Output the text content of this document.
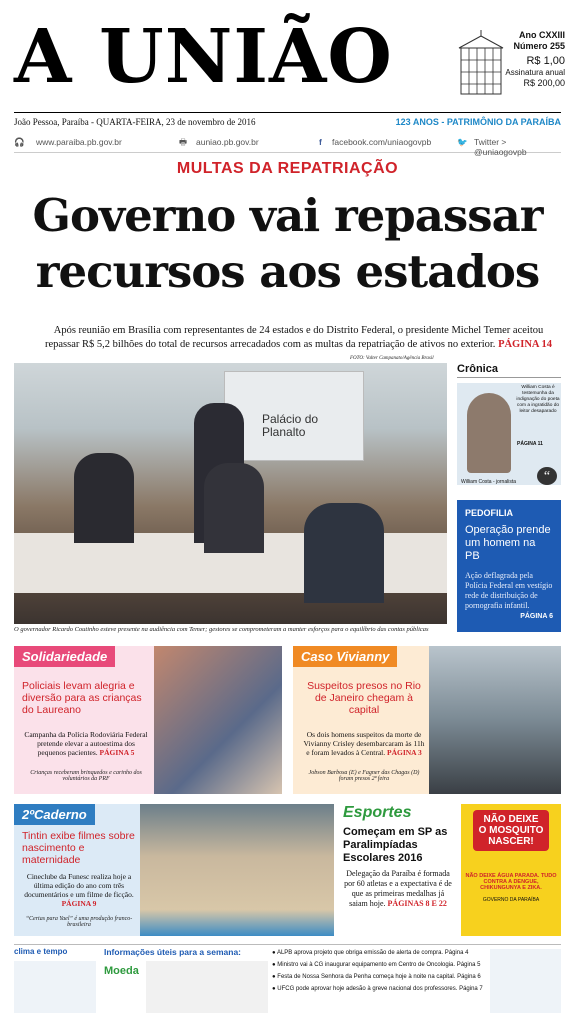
A UNIÃO	Ano CXXIII
Número 255
R$ 1,00
Assinatura anual
R$ 200,00
João Pessoa, Paraíba - QUARTA-FEIRA, 23 de novembro de 2016	123 ANOS - PATRIMÔNIO DA PARAÍBA
🎧 www.paraiba.pb.gov.br	🖶 auniao.pb.gov.br	f facebook.com/uniaogovpb	🐦 Twitter > @uniaogovpb
MULTAS DA REPATRIAÇÃO
Governo vai repassar
recursos aos estados
Após reunião em Brasília com representantes de 24 estados e do Distrito Federal, o presidente Michel Temer aceitou repassar R$ 5,2 bilhões do total de recursos arrecadados com as multas da repatriação de ativos no exterior. PÁGINA 14
FOTO: Valter Campanato/Agência Brasil
Palácio do Planalto
O governador Ricardo Coutinho esteve presente na audiência com Temer; gestores se comprometeram a manter esforços para o equilíbrio das contas públicas
Crônica
William Costa é testemunha da indignação do poeta com a ingratidão do leitor desaparado
PÁGINA 11
“
William Costa - jornalista
PEDOFILIA
Operação prende um homem na PB
Ação deflagrada pela Polícia Federal em vestígio rede de distribuição de pornografia infantil.
PÁGINA 6
Solidariedade
Policiais levam alegria e diversão para as crianças do Laureano
Campanha da Polícia Rodoviária Federal pretende elevar a autoestima dos pequenos pacientes. PÁGINA 5
Crianças receberam brinquedos e carinho dos voluntários da PRF
Caso Vivianny
Suspeitos presos no Rio de Janeiro chegam à capital
Os dois homens suspeitos da morte de Vivianny Crisley desembarcaram às 11h e foram levados à Central. PÁGINA 3
Jobson Barbosa (E) e Fagner das Chagas (D) foram presos 2ª feira
2ºCaderno
Tintin exibe filmes sobre nascimento e maternidade
Cineclube da Funesc realiza hoje a última edição do ano com três documentários e um filme de ficção. PÁGINA 9
“Certas para Yael” é uma produção franco-brasileira
Esportes
Começam em SP as Paralimpíadas Escolares 2016
Delegação da Paraíba é formada por 60 atletas e a expectativa é de que as primeiras medalhas já saiam hoje. PÁGINAS 8 E 22
NÃO DEIXE
O MOSQUITO
NASCER!
NÃO DEIXE ÁGUA PARADA. TUDO CONTRA A DENGUE, CHIKUNGUNYA E ZIKA.
GOVERNO DA PARAÍBA
clima e tempo	Informações úteis para a semana:
Moeda
● ALPB aprova projeto que obriga emissão de alerta de compra. Página 4
● Ministro vai à CG inaugurar equipamento em Centro de Oncologia. Página 5
● Festa de Nossa Senhora da Penha começa hoje à noite na capital. Página 6
● UFCG pode aprovar hoje adesão à greve nacional dos professores. Página 7
